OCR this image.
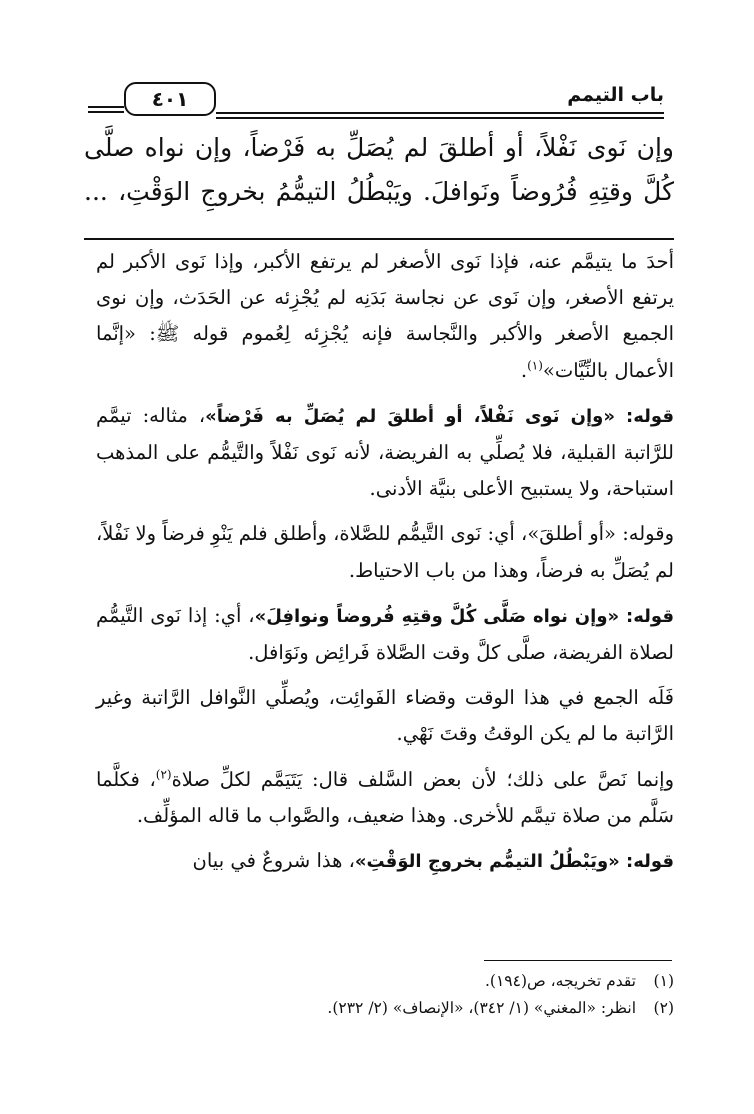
باب التيمم
٤٠١
وإن نَوى نَفْلاً، أو أطلقَ لم يُصَلِّ به فَرْضاً، وإن نواه صلَّى
كُلَّ وقتِهِ فُرُوضاً ونَوافلَ. ويَبْطُلُ التيمُّمُ بخروجِ الوَقْتِ، ...

أحدَ ما يتيمَّم عنه، فإذا نَوى الأصغر لم يرتفع الأكبر، وإذا نَوى الأكبر لم يرتفع الأصغر، وإن نَوى عن نجاسة بَدَنِه لم يُجْزِئه عن الحَدَث، وإن نوى الجميع الأصغر والأكبر والنَّجاسة فإنه يُجْزِئه لِعُموم قوله ﷺ: «إنَّما الأعمال بالنِّيَّات»$^{(١)}$.

قوله: «وإن نَوى نَفْلاً، أو أطلقَ لم يُصَلِّ به فَرْضاً»، مثاله: تيمَّم للرَّاتبة القبلية، فلا يُصلِّي به الفريضة، لأنه نَوى نَفْلاً والتَّيمُّم على المذهب استباحة، ولا يستبيح الأعلى بنيَّة الأدنى.

وقوله: «أو أطلقَ»، أي: نَوى التَّيمُّم للصَّلاة، وأطلق فلم يَنْوِ فرضاً ولا نَفْلاً، لم يُصَلِّ به فرضاً، وهذا من باب الاحتياط.

قوله: «وإن نواه صَلَّى كُلَّ وقتِهِ فُروضاً ونوافِلَ»، أي: إذا نَوى التَّيمُّم لصلاة الفريضة، صلَّى كلَّ وقت الصَّلاة فَرائِض ونَوَافل.

فَلَه الجمع في هذا الوقت وقضاء الفَوائِت، ويُصلِّي النَّوافل الرَّاتبة وغير الرَّاتبة ما لم يكن الوقتُ وقتَ نَهْي.

وإنما نَصَّ على ذلك؛ لأن بعض السَّلف قال: يَتَيَمَّم لكلِّ صلاة$^{(٢)}$، فكلَّما سَلَّم من صلاة تيمَّم للأخرى. وهذا ضعيف، والصَّواب ما قاله المؤلِّف.

قوله: «ويَبْطُلُ التيمُّم بخروجِ الوَقْتِ»، هذا شروعٌ في بيان

(١)تقدم تخريجه، ص(١٩٤).
(٢)انظر: «المغني» (١/ ٣٤٢)، «الإنصاف» (٢/ ٢٣٢).
